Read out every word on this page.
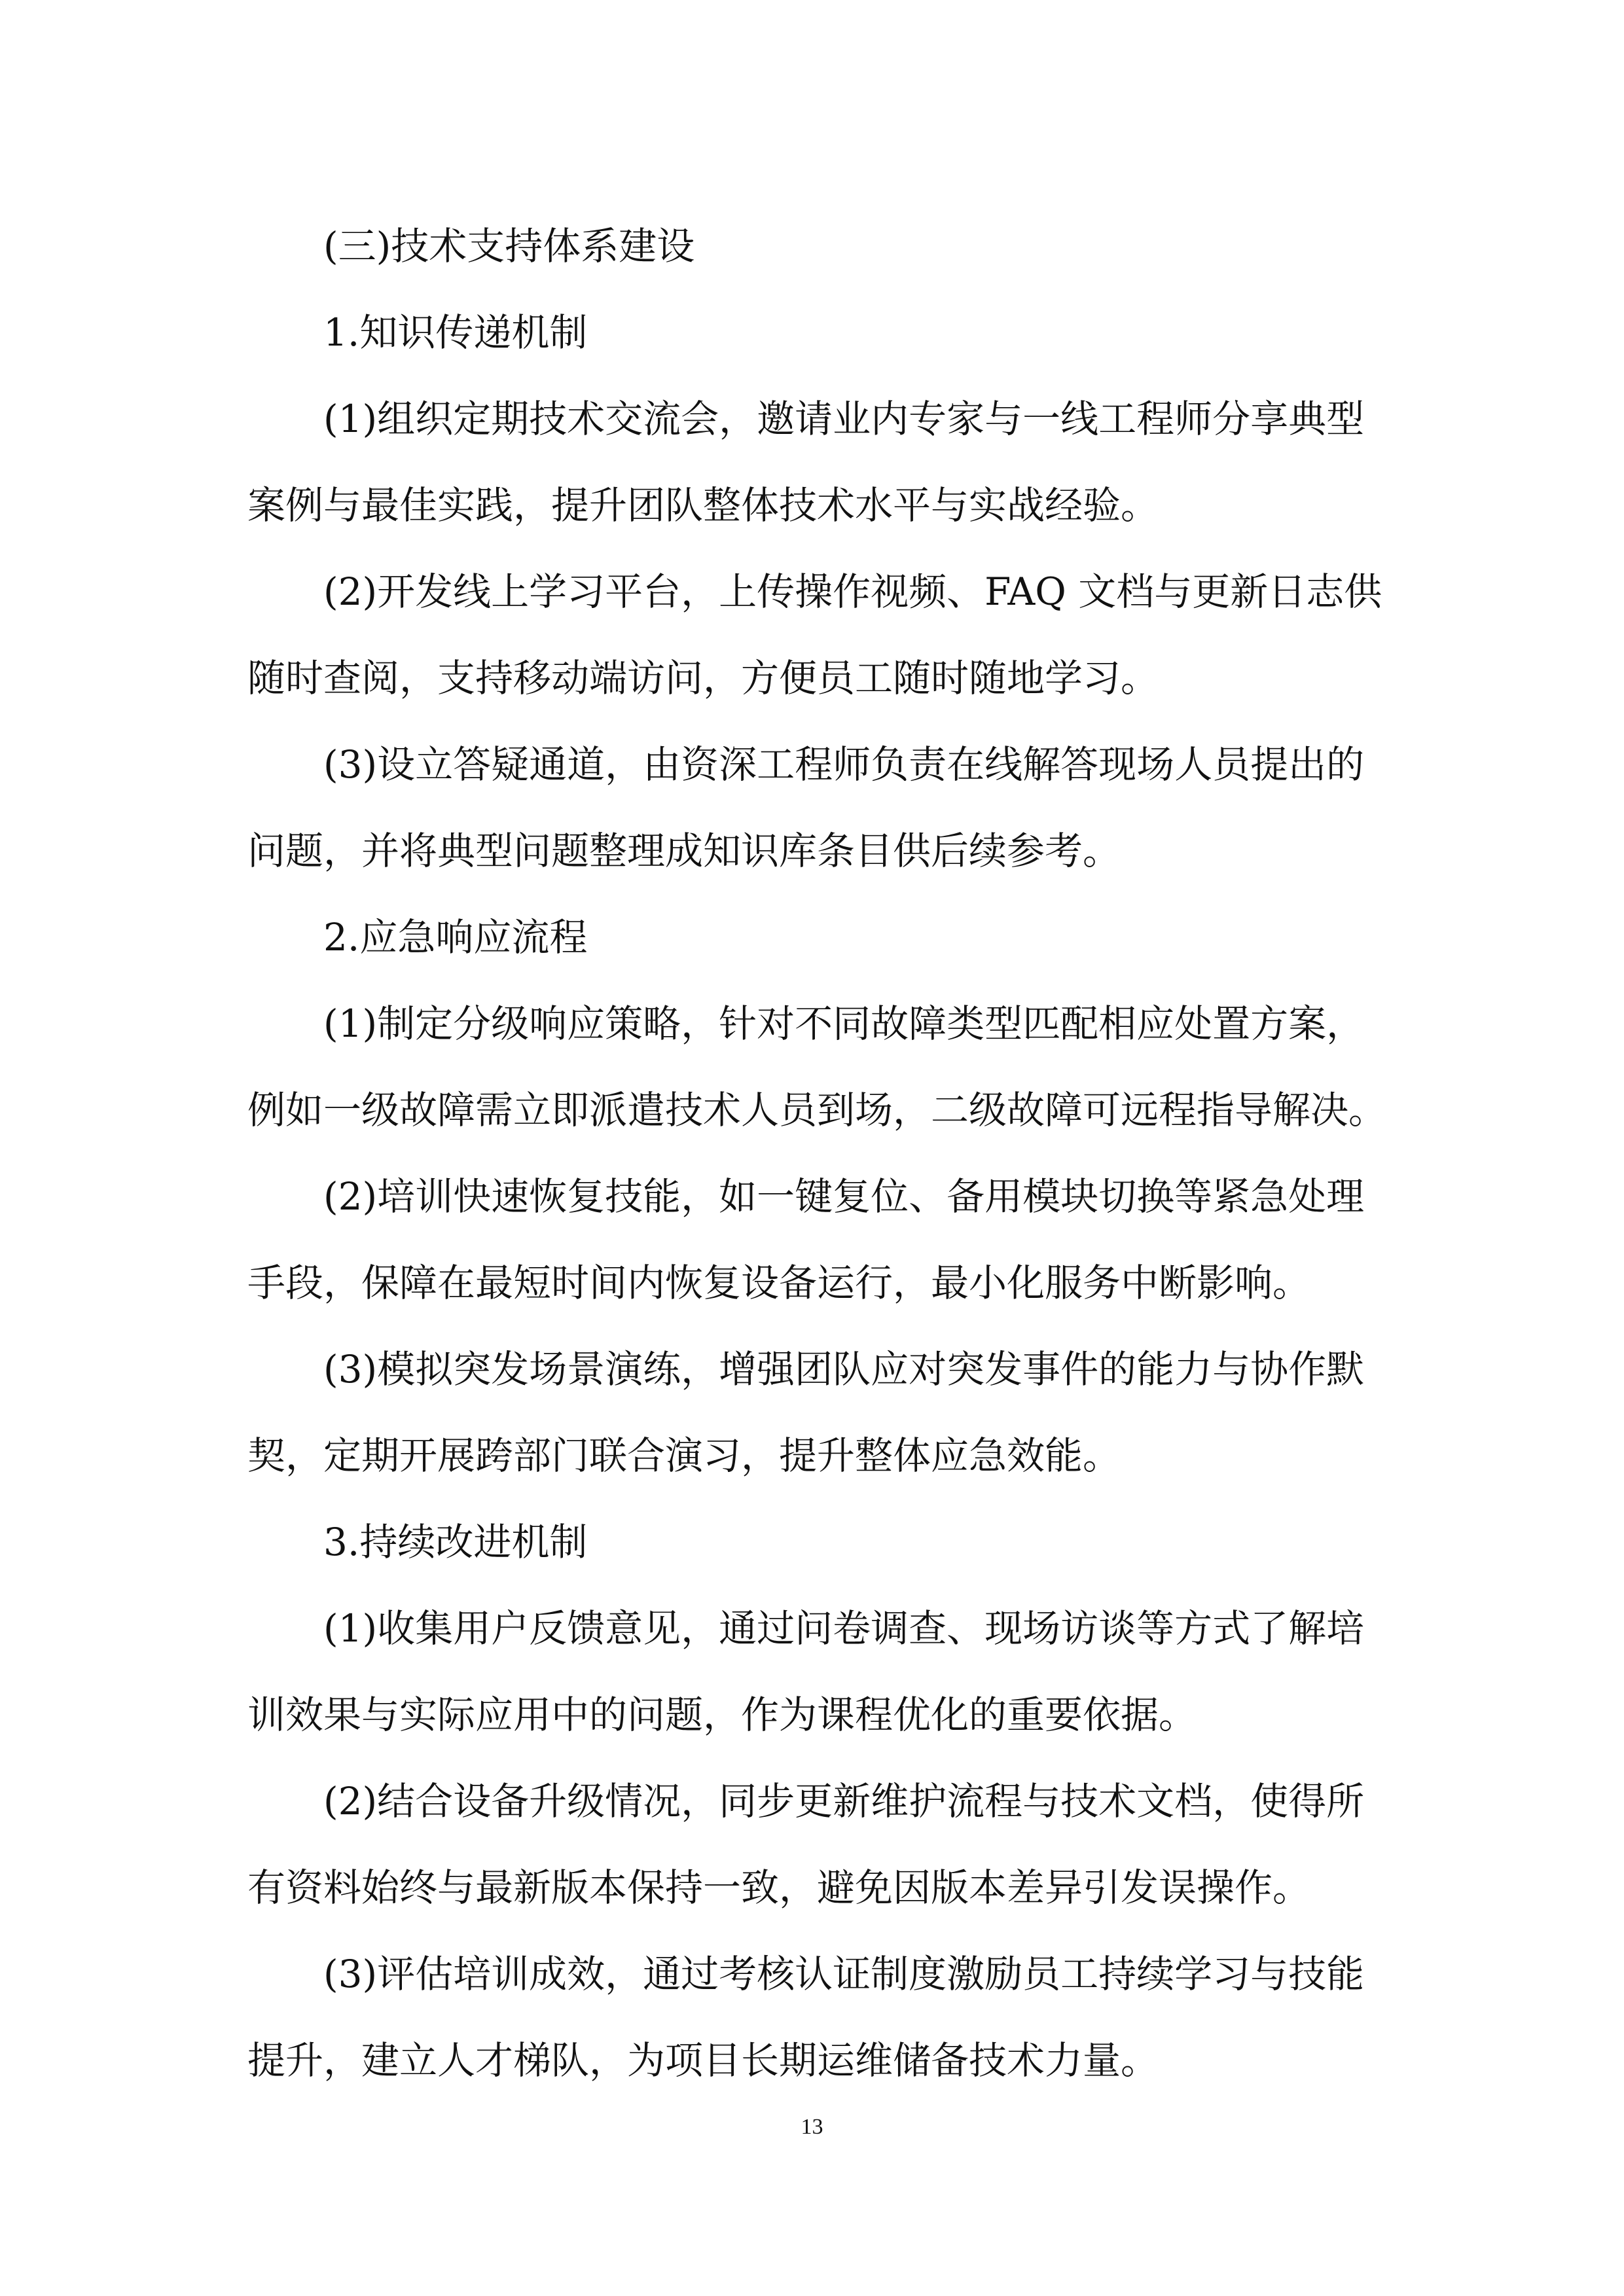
(三)技术支持体系建设
1.知识传递机制
(1)组织定期技术交流会，邀请业内专家与一线工程师分享典型
案例与最佳实践，提升团队整体技术水平与实战经验。
(2)开发线上学习平台，上传操作视频、FAQ 文档与更新日志供
随时查阅，支持移动端访问，方便员工随时随地学习。
(3)设立答疑通道，由资深工程师负责在线解答现场人员提出的
问题，并将典型问题整理成知识库条目供后续参考。
2.应急响应流程
(1)制定分级响应策略，针对不同故障类型匹配相应处置方案，
例如一级故障需立即派遣技术人员到场，二级故障可远程指导解决。
(2)培训快速恢复技能，如一键复位、备用模块切换等紧急处理
手段，保障在最短时间内恢复设备运行，最小化服务中断影响。
(3)模拟突发场景演练，增强团队应对突发事件的能力与协作默
契，定期开展跨部门联合演习，提升整体应急效能。
3.持续改进机制
(1)收集用户反馈意见，通过问卷调查、现场访谈等方式了解培
训效果与实际应用中的问题，作为课程优化的重要依据。
(2)结合设备升级情况，同步更新维护流程与技术文档，使得所
有资料始终与最新版本保持一致，避免因版本差异引发误操作。
(3)评估培训成效，通过考核认证制度激励员工持续学习与技能
提升，建立人才梯队，为项目长期运维储备技术力量。
13
